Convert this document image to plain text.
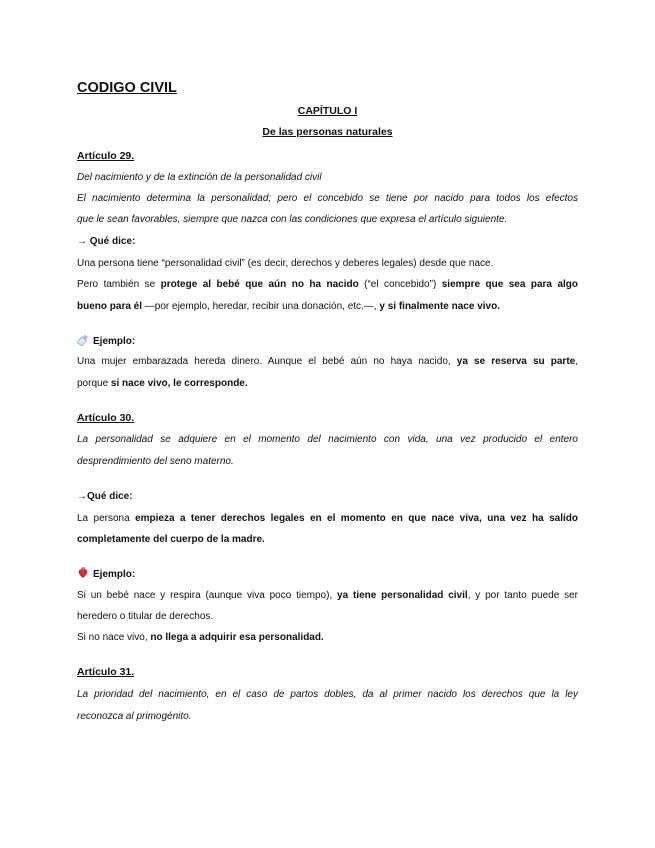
CODIGO CIVIL
CAPÍTULO I
De las personas naturales
Artículo 29.
Del nacimiento y de la extinción de la personalidad civil
El nacimiento determina la personalidad; pero el concebido se tiene por nacido para todos los efectos
que le sean favorables, siempre que nazca con las condiciones que expresa el artículo siguiente.
→ Qué dice:
Una persona tiene “personalidad civil” (es decir, derechos y deberes legales) desde que nace.
Pero también se protege al bebé que aún no ha nacido (“el concebido”) siempre que sea para algo
bueno para él —por ejemplo, heredar, recibir una donación, etc.—, y si finalmente nace vivo.
Ejemplo:
Una mujer embarazada hereda dinero. Aunque el bebé aún no haya nacido, ya se reserva su parte,
porque si nace vivo, le corresponde.
Artículo 30.
La personalidad se adquiere en el momento del nacimiento con vida, una vez producido el entero
desprendimiento del seno materno.
→Qué dice:
La persona empieza a tener derechos legales en el momento en que nace viva, una vez ha salido
completamente del cuerpo de la madre.
Ejemplo:
Si un bebé nace y respira (aunque viva poco tiempo), ya tiene personalidad civil, y por tanto puede ser
heredero o titular de derechos.
Si no nace vivo, no llega a adquirir esa personalidad.
Artículo 31.
La prioridad del nacimiento, en el caso de partos dobles, da al primer nacido los derechos que la ley
reconozca al primogénito.
